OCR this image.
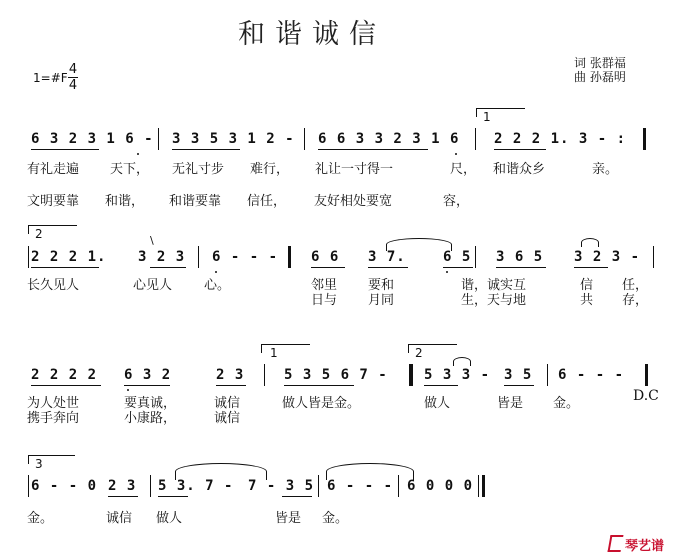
和谐诚信
词 张群福
曲 孙磊明
1=#F
4
4
1
6 3 2 3 1 6 - 3 3 5 3 1 2 - 6 6 3 3 2 3 1 6 2 2 2 1. 3 - :
有礼走遍 天下， 无礼寸步 难行， 礼让一寸得一	尺， 和谐众乡	亲。
文明要靠 和谐， 和谐要靠 信任， 友好相处要宽	容，
2	\
2 2 2 1. 3 2 3 6 - - - 6 6 3 7.	6 5 3 6 5 3 2 3 -
长久见人	心见人 心。	邻里 要和	谐，诚实互	信 任，
日与 月同	生，天与地	共 存，
1	2
2 2 2 2 6 3 2	2 3	5 3 5 6 7 -	5 3 3 - 3 5 6 - - -
D.C
为人处世	要真诚，	诚信	做人皆是金。	做人	皆是 金。
携手奔向	小康路，	诚信
3
6 - - 0 2 3 5 3. 7 - 7 - 3 5 6 - - - 6 0 0 0
金。	诚信 做人	皆是 金。
琴艺谱
